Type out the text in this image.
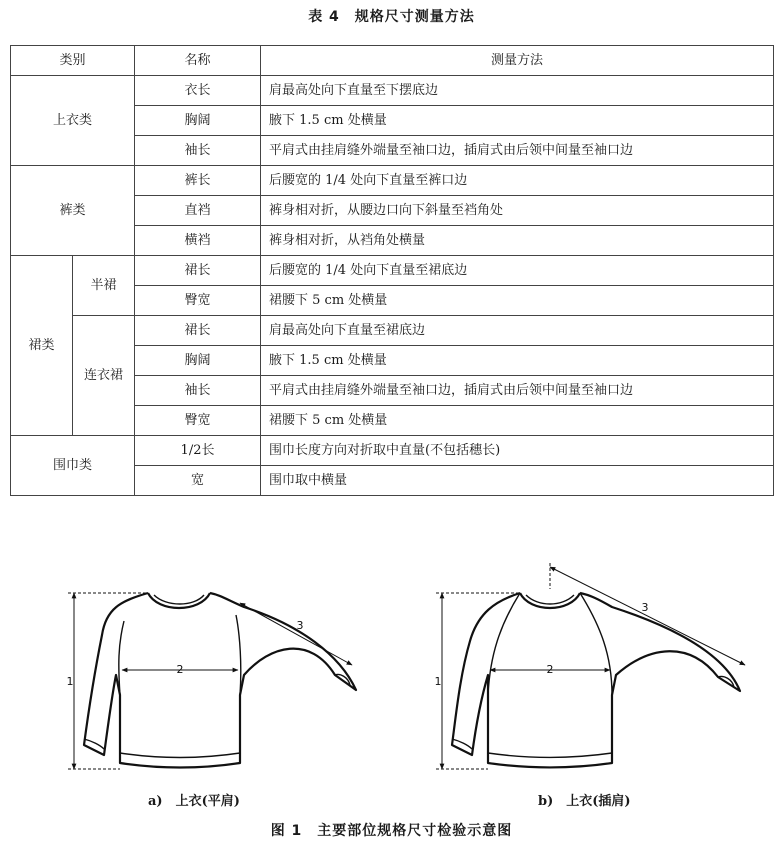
表 4　规格尺寸测量方法
类别		名称	测量方法
上衣类		衣长	肩最高处向下直量至下摆底边
		胸阔	腋下 1.5 cm 处横量
		袖长	平肩式由挂肩缝外端量至袖口边，插肩式由后领中间量至袖口边
裤类		裤长	后腰宽的 1/4 处向下直量至裤口边
		直裆	裤身相对折，从腰边口向下斜量至裆角处
		横裆	裤身相对折，从裆角处横量
裙类	半裙	裙长	后腰宽的 1/4 处向下直量至裙底边
		臀宽	裙腰下 5 cm 处横量
	连衣裙	裙长	肩最高处向下直量至裙底边
		胸阔	腋下 1.5 cm 处横量
		袖长	平肩式由挂肩缝外端量至袖口边，插肩式由后领中间量至袖口边
		臀宽	裙腰下 5 cm 处横量
围巾类		1/2长	围巾长度方向对折取中直量(不包括穗长)
		宽	围巾取中横量
1
2
3
1
2
3
a)　上衣(平肩)	b)　上衣(插肩)
图 1　主要部位规格尺寸检验示意图
